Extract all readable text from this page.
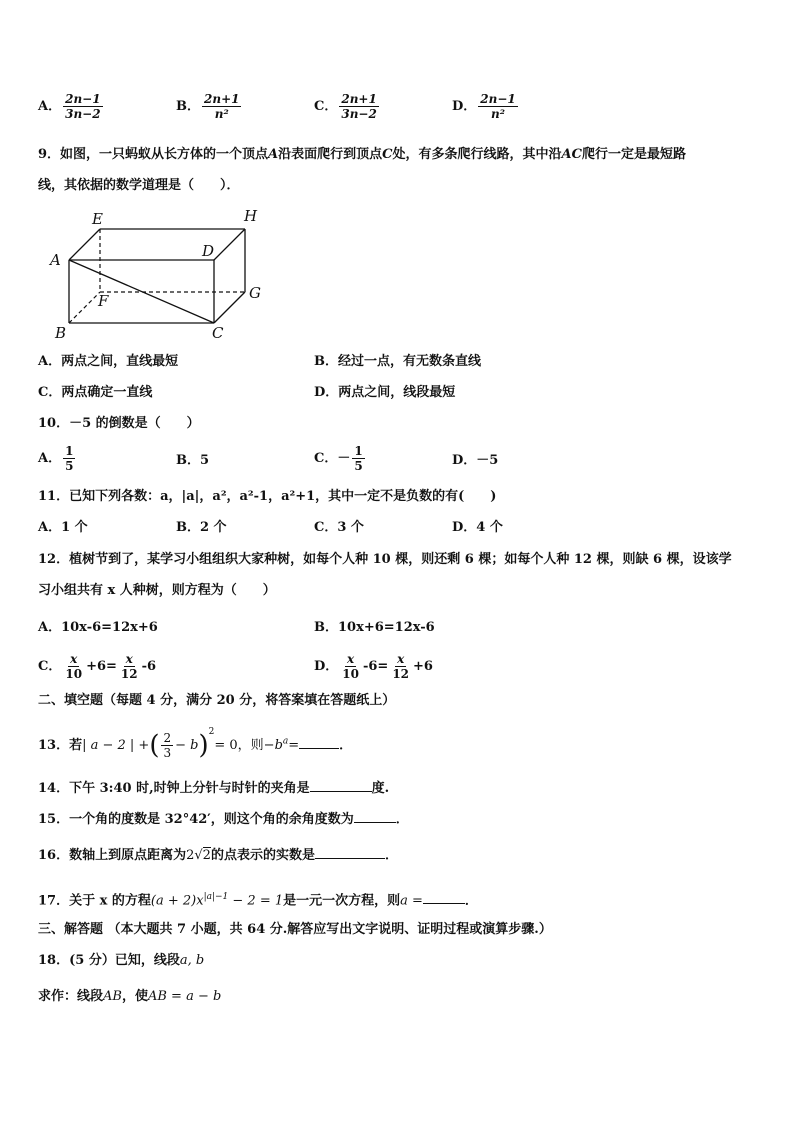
A． $\frac{2n-1}{3n-2}$	B． $\frac{2n+1}{\text{n²}}$	C． $\frac{2n+1}{3n-2}$	D． $\frac{2n-1}{\text{n²}}$
9．如图，一只蚂蚁从长方体的一个顶点A沿表面爬行到顶点C处，有多条爬行线路，其中沿AC爬行一定是最短路
线，其依据的数学道理是（　　）．
E	H
A	D
F	G
B	C
A．两点之间，直线最短	B．经过一点，有无数条直线
C．两点确定一直线	D．两点之间，线段最短
10．－5 的倒数是（　　）
A． $\frac{1}{5}$	B．5	C．－ $\frac{1}{5}$	D．－5
11．已知下列各数：a，|a|，a²，a²-1，a²+1，其中一定不是负数的有(　　)
A．1 个	B．2 个	C．3 个	D．4 个
12．植树节到了，某学习小组组织大家种树，如每个人种 10 棵，则还剩 6 棵；如每个人种 12 棵，则缺 6 棵，设该学
习小组共有 x 人种树，则方程为（　　）
A．10x-6=12x+6	B．10x+6=12x-6
C． $\frac{x}{10} +6= \frac{x}{12} -6$	D． $\frac{x}{10} -6= \frac{x}{12} +6$
二、填空题（每题 4 分，满分 20 分，将答案填在答题纸上）
13．若| a − 2 | +( $\frac{2}{3} - b)^2= 0$，则$-b^a=$	．
14．下午 3:40 时,时钟上分针与时针的夹角是	度.
15．一个角的度数是 32°42′，则这个角的余角度数为	．
16．数轴上到原点距离为2√2的点表示的实数是	．
17．关于 x 的方程$(a + 2)x^{|a|-1} - 2 = 1$是一元一次方程，则a =	．
三、解答题 （本大题共 7 小题，共 64 分.解答应写出文字说明、证明过程或演算步骤.）
18．(5 分）已知，线段a, b
求作：线段AB，使AB = a − b
